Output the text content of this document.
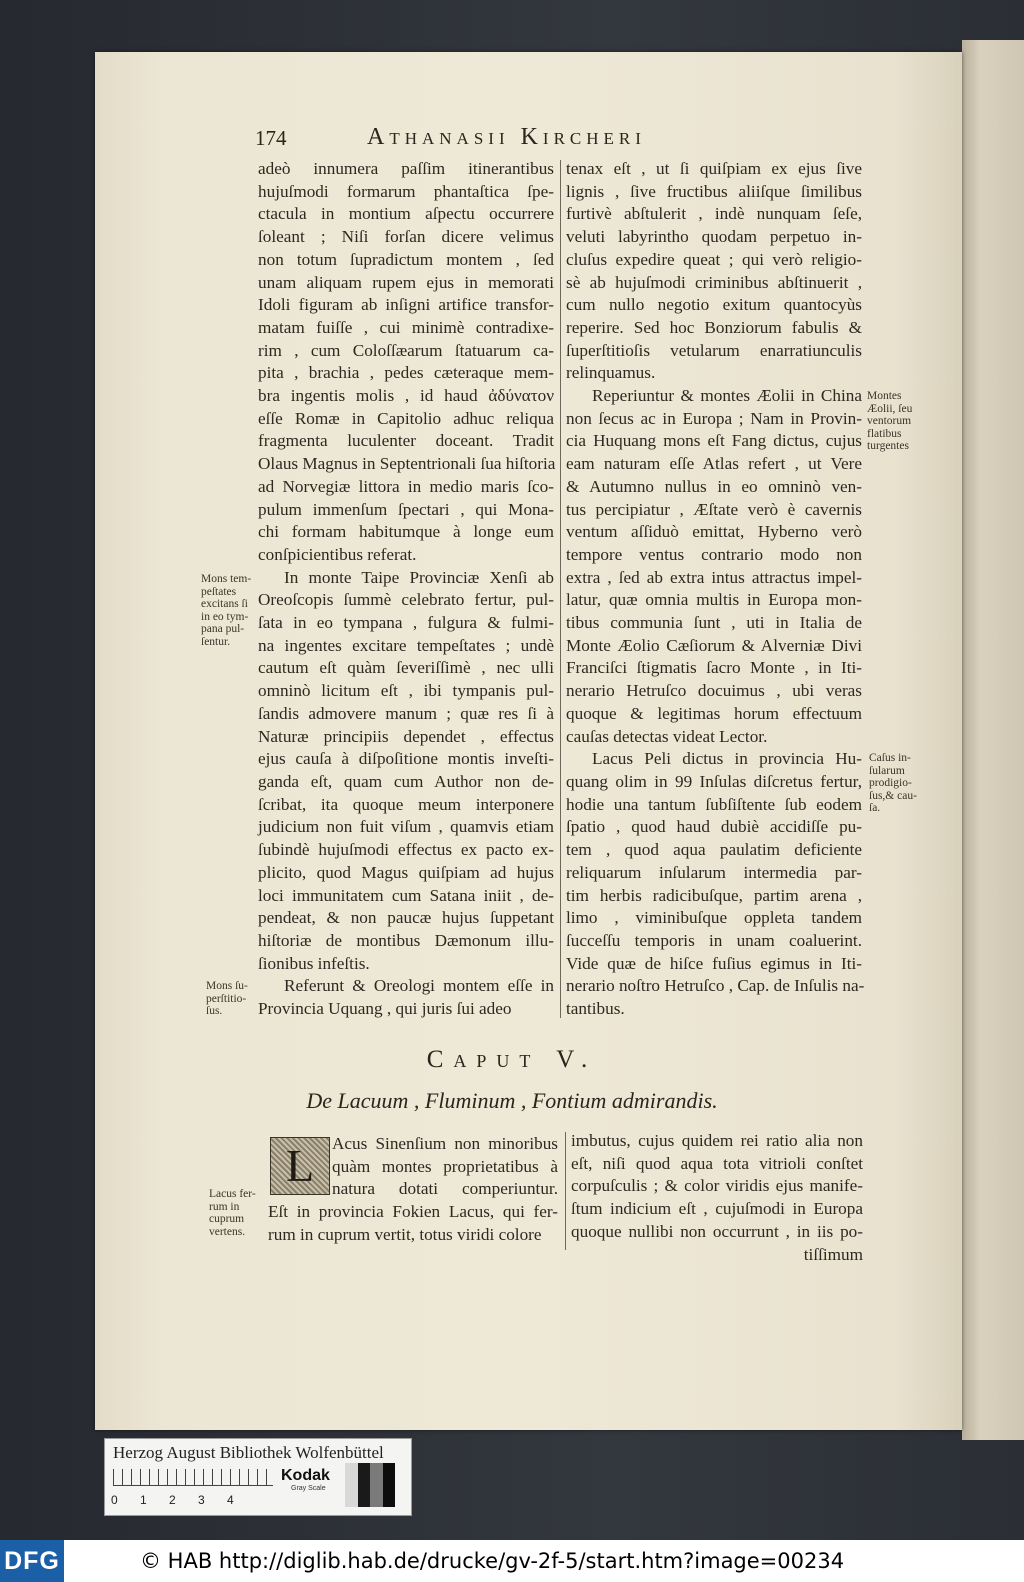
174	Athanasii Kircheri
adeò innumera paſſim itinerantibus
hujuſmodi formarum phantaſtica ſpe-
ctacula in montium aſpectu occurrere
ſoleant ; Niſi forſan dicere velimus
non totum ſupradictum montem , ſed
unam aliquam rupem ejus in memorati
Idoli figuram ab inſigni artifice transfor-
matam fuiſſe , cui minimè contradixe-
rim , cum Coloſſæarum ſtatuarum ca-
pita , brachia , pedes cæteraque mem-
bra ingentis molis , id haud ἀδύνατον
eſſe Romæ in Capitolio adhuc reliqua
fragmenta luculenter doceant. Tradit
Olaus Magnus in Septentrionali ſua hiſtoria
ad Norvegiæ littora in medio maris ſco-
pulum immenſum ſpectari , qui Mona-
chi formam habitumque à longe eum
conſpicientibus referat.
In monte Taipe Provinciæ Xenſi ab
Oreoſcopis ſummè celebrato fertur, pul-
ſata in eo tympana , fulgura & fulmi-
na ingentes excitare tempeſtates ; undè
cautum eſt quàm ſeveriſſimè , nec ulli
omninò licitum eſt , ibi tympanis pul-
ſandis admovere manum ; quæ res ſi à
Naturæ principiis dependet , effectus
ejus cauſa à diſpoſitione montis inveſti-
ganda eſt, quam cum Author non de-
ſcribat, ita quoque meum interponere
judicium non fuit viſum , quamvis etiam
ſubindè hujuſmodi effectus ex pacto ex-
plicito, quod Magus quiſpiam ad hujus
loci immunitatem cum Satana iniit , de-
pendeat, & non paucæ hujus ſuppetant
hiſtoriæ de montibus Dæmonum illu-
ſionibus infeſtis.
Referunt & Oreologi montem eſſe in
Provincia Uquang , qui juris ſui adeo
tenax eſt , ut ſi quiſpiam ex ejus ſive
lignis , ſive fructibus aliiſque ſimilibus
furtivè abſtulerit , indè nunquam ſeſe,
veluti labyrintho quodam perpetuo in-
cluſus expedire queat ; qui verò religio-
sè ab hujuſmodi criminibus abſtinuerit ,
cum nullo negotio exitum quantocyùs
reperire. Sed hoc Bonziorum fabulis &
ſuperſtitioſis vetularum enarratiunculis
relinquamus.
Reperiuntur & montes Æolii in China
non ſecus ac in Europa ; Nam in Provin-
cia Huquang mons eſt Fang dictus, cujus
eam naturam eſſe Atlas refert , ut Vere
& Autumno nullus in eo omninò ven-
tus percipiatur , Æſtate verò è cavernis
ventum aſſiduò emittat, Hyberno verò
tempore ventus contrario modo non
extra , ſed ab extra intus attractus impel-
latur, quæ omnia multis in Europa mon-
tibus communia ſunt , uti in Italia de
Monte Æolio Cæſiorum & Alverniæ Divi
Franciſci ſtigmatis ſacro Monte , in Iti-
nerario Hetruſco docuimus , ubi veras
quoque & legitimas horum effectuum
cauſas detectas videat Lector.
Lacus Peli dictus in provincia Hu-
quang olim in 99 Inſulas diſcretus fertur,
hodie una tantum ſubſiſtente ſub eodem
ſpatio , quod haud dubiè accidiſſe pu-
tem , quod aqua paulatim deficiente
reliquarum inſularum intermedia par-
tim herbis radicibuſque, partim arena ,
limo , viminibuſque oppleta tandem
ſucceſſu temporis in unam coaluerint.
Vide quæ de hiſce fuſius egimus in Iti-
nerario noſtro Hetruſco , Cap. de Inſulis na-
tantibus.
Montes
Æolii, ſeu
ventorum
flatibus
turgentes
Mons tem-
peſtates
excitans ſi
in eo tym-
pana pul-
ſentur.
Caſus in-
ſularum
prodigio-
ſus,& cau-
ſa.
Mons ſu-
perſtitio-
ſus.
Lacus fer-
rum in
cuprum
vertens.
Caput V.
De Lacuum , Fluminum , Fontium admirandis.
L	Acus Sinenſium non minoribus
quàm montes proprietatibus à
natura dotati comperiuntur.
Eſt in provincia Fokien Lacus, qui fer-
rum in cuprum vertit, totus viridi colore
imbutus, cujus quidem rei ratio alia non
eſt, niſi quod aqua tota vitrioli conſtet
corpuſculis ; & color viridis ejus manife-
ſtum indicium eſt , cujuſmodi in Europa
quoque nullibi non occurrunt , in iis po-
tiſſimum
Herzog August Bibliothek Wolfenbüttel
0 1 2 3 4
Kodak
Gray Scale
DFG	© HAB http://diglib.hab.de/drucke/gv-2f-5/start.htm?image=00234
